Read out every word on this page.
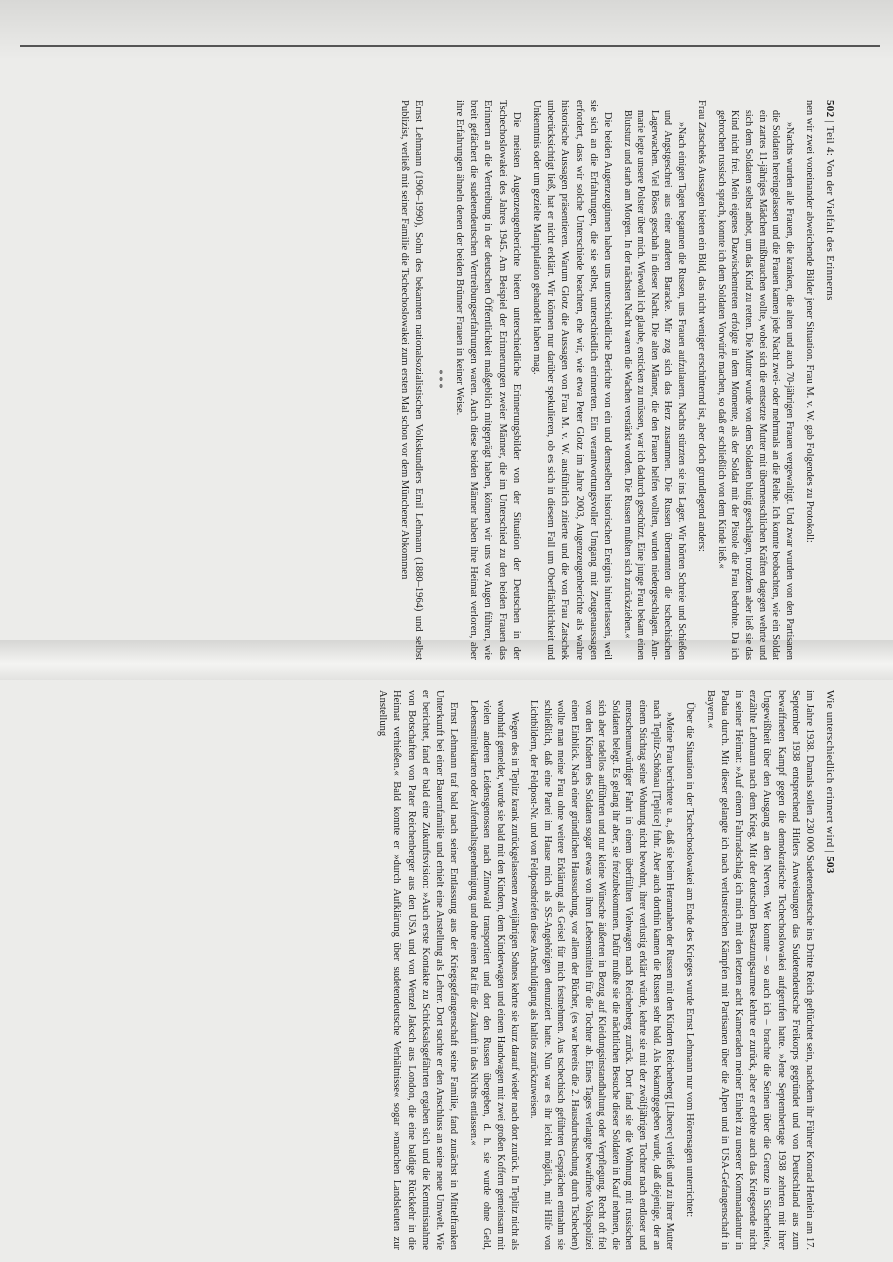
502 | Teil 4: Von der Vielfalt des Erinnerns

nen wir zwei voneinander abweichende Bilder jener Situation. Frau M. v. W. gab Folgendes zu Protokoll:

»Nachts wurden alle Frauen, die kranken, die alten und auch 70-jährigen Frauen vergewaltigt. Und zwar wurden von den Partisanen die Soldaten hereingelassen und die Frauen kamen jede Nacht zwei- oder mehrmals an die Reihe. Ich konnte beobachten, wie ein Soldat ein zartes 11-jähriges Mädchen mißbrauchen wollte, wobei sich die entsetzte Mutter mit übermenschlichen Kräften dagegen wehrte und sich dem Soldaten selbst anbot, um das Kind zu retten. Die Mutter wurde von dem Soldaten blutig geschlagen, trotzdem aber ließ sie das Kind nicht frei. Mein eigenes Dazwischentreten erfolgte in dem Momente, als der Soldat mit der Pistole die Frau bedrohte. Da ich gebrochen russisch sprach, konnte ich dem Soldaten Vorwürfe machen, so daß er schließlich von dem Kinde ließ.«

Frau Zatscheks Aussagen bieten ein Bild, das nicht weniger erschütternd ist, aber doch grundlegend anders:

»Nach einigen Tagen begannen die Russen, uns Frauen aufzulauern. Nachts stürzten sie ins Lager. Wir hörten Schreie und Schießen und Angstgeschrei aus einer anderen Baracke. Mir zog sich das Herz zusammen. Die Russen überrannten die tschechischen Lagerwachen. Viel Böses geschah in dieser Nacht. Die alten Männer, die den Frauen helfen wollten, wurden niedergeschlagen. Ann-marie legte unsere Polster über mich. Wiewohl ich glaube, ersticken zu müssen, war ich dadurch geschützt. Eine junge Frau bekam einen Blutsturz und starb am Morgen. In der nächsten Nacht waren die Wachen verstärkt worden. Die Russen mußten sich zurückziehen.«

Die beiden Augenzeuginnen haben uns unterschiedliche Berichte von ein und demselben historischen Ereignis hinterlassen, weil sie sich an die Erfahrungen, die sie selbst, unterschiedlich erinnerten. Ein verantwortungsvoller Umgang mit Zeugenaussagen erfordert, dass wir solche Unterschiede beachten, ehe wir, wie etwa Peter Glotz im Jahre 2003, Augenzeugenberichte als wahre historische Aussagen präsentieren. Warum Glotz die Aussagen von Frau M. v. W. ausführlich zitierte und die von Frau Zatschek unberücksichtigt ließ, hat er nicht erklärt. Wir können nur darüber spekulieren, ob es sich in diesem Fall um Oberflächlichkeit und Unkenntnis oder um gezielte Manipulation gehandelt haben mag.

Die meisten Augenzeugenberichte bieten unterschiedliche Erinnerungsbilder von der Situation der Deutschen in der Tschechoslowakei des Jahres 1945. Am Beispiel der Erinnerungen zweier Männer, die im Unterschied zu den beiden Frauen das Erinnern an die Vertreibung in der deutschen Öffentlichkeit maßgeblich mitgeprägt haben, können wir uns vor Augen führen, wie breit gefächert die sudetendeutschen Vertreibungserfahrungen waren. Auch diese beiden Männer haben ihre Heimat verloren, aber ihre Erfahrungen ähneln denen der beiden Brünner Frauen in keiner Weise.

***

Ernst Lehmann (1906–1990), Sohn des bekannten nationalsozialistischen Volkskundlers Emil Lehmann (1880–1964) und selbst Publizist, verließ mit seiner Familie die Tschechoslowakei zum ersten Mal schon vor dem Münchener Abkommen

Wie unterschiedlich erinnert wird | 503

im Jahre 1938. Damals sollen 230 000 Sudetendeutsche ins Dritte Reich geflüchtet sein, nachdem ihr Führer Konrad Henlein am 17. September 1938 entsprechend Hitlers Anweisungen das Sudetendeutsche Freikorps gegründet und von Deutschland aus zum bewaffneten Kampf gegen die demokratische Tschechoslowakei aufgerufen hatte. »Jene Septembertage 1938 zehrten mit ihrer Ungewißheit über den Ausgang an den Nerven. Wer konnte – so auch ich – brachte die Seinen über die Grenze in Sicherheit«, erzählte Lehmann nach dem Krieg. Mit der deutschen Besatzungsarmee kehrte er zurück, aber er erlebte auch das Kriegsende nicht in seiner Heimat: »Auf einem Fahrradschlag ich mich mit den letzten acht Kameraden meiner Einheit zu unserer Kommandantur in Padua durch. Mit dieser gelangte ich nach verlustreichen Kämpfen mit Partisanen über die Alpen und in USA-Gefangenschaft in Bayern.«

Über die Situation in der Tschechoslowakei am Ende des Krieges wurde Ernst Lehmann nur vom Hörensagen unterrichtet:

»Meine Frau berichtete u. a., daß sie beim Herannahen der Russen mit den Kindern Reichenberg [Liberec] verließ und zu ihrer Mutter nach Teplitz-Schönau [Teplice] fuhr. Aber auch dorthin kamen die Russen sehr bald. Als bekanntgegeben wurde, daß diejenige, der an einem Stichtag seine Wohnung nicht bewohnt, ihrer verlustig erklärt würde, kehrte sie mit der zwölfjährigen Tochter nach endloser und menschenunwürdiger Fahrt in einem überfüllten Viehwagen nach Reichenberg zurück. Dort fand sie die Wohnung mit russischen Soldaten belegt. Es gelang ihr aber, sie freizubekommen. Dafür mußte sie die nächtlichen Besuche dieser Soldaten in Kauf nehmen, die sich aber tadellos aufführten und nur kleine Wünsche äußerten in Bezug auf Kleidungsinstandhaltung oder Verpflegung. Recht oft fiel von den Kindern des Soldaten sogar etwas von ihren Lebensmitteln für die Tochter ab. Eines Tages verlangte bewaffnete Volkspolizei einen Einblick. Nach einer gründlichen Haussuchung, vor allem der Bücher, (es war bereits die 2. Hausdurchsuchung durch Tschechen) wollte man meine Frau ohne weitere Erklärung als Geisel für mich festnehmen. Aus tschechisch geführten Gesprächen entnahm sie schließlich, daß eine Partei im Hause mich als SS-Angehörigen denunziert hatte. Nun war es ihr leicht möglich, mit Hilfe von Lichtbildern, der Feldpost-Nr. und von Feldpostbriefen diese Anschuldigung als haltlos zurückzuweisen.

Wegen des in Teplitz krank zurückgelassenen zweijährigen Sohnes kehrte sie kurz darauf wieder nach dort zurück. In Teplitz nicht als wohnhaft gemeldet, wurde sie bald mit den Kindern, dem Kinderwagen und einem Handwagen mit zwei großen Koffern gemeinsam mit vielen anderen Leidensgenossen nach Zinnwald transportiert und dort den Russen übergeben, d. h. sie wurde ohne Geld, Lebensmittelkarten oder Aufenthaltsgenehmigung und ohne einen Rat für die Zukunft in das Nichts entlassen.«

Ernst Lehmann traf bald nach seiner Entlassung aus der Kriegsgefangenschaft seine Familie, fand zunächst in Mittelfranken Unterkunft bei einer Bauernfamilie und erhielt eine Anstellung als Lehrer. Dort suchte er den Anschluss an seine neue Umwelt. Wie er berichtet, fand er bald eine Zukunftsvision: »Auch erste Kontakte zu Schicksalsgefährten ergaben sich und die Kenntnisnahme von Botschaften von Pater Reichenberger aus den USA und von Wenzel Jaksch aus London, die eine baldige Rückkehr in die Heimat verhießen.« Bald konnte er »durch Aufklärung über sudetendeutsche Verhältnisse« sogar »manchen Landsleuten zur Anstellung
